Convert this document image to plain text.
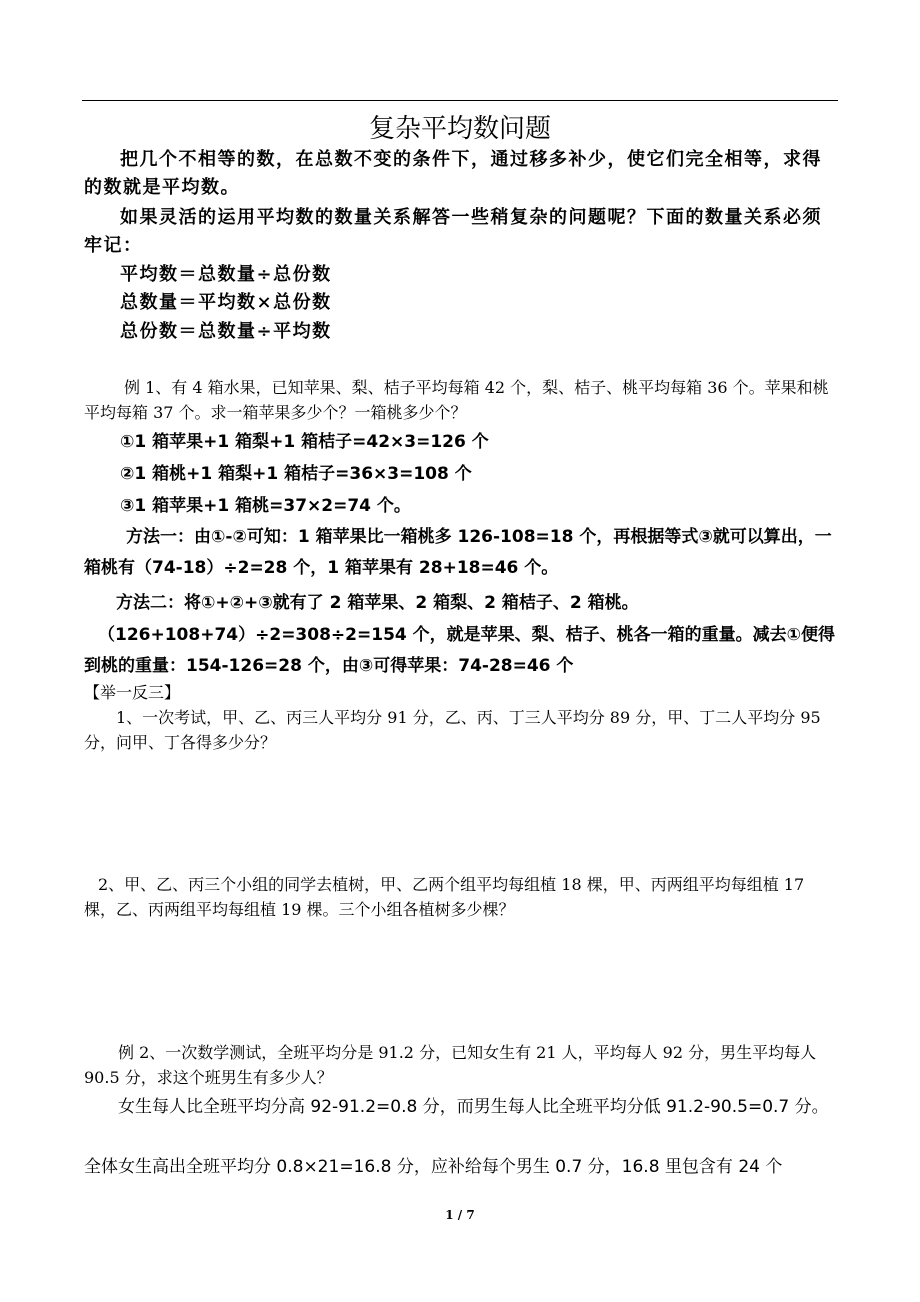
复杂平均数问题

把几个不相等的数，在总数不变的条件下，通过移多补少，使它们完全相等，求得的数就是平均数。

如果灵活的运用平均数的数量关系解答一些稍复杂的问题呢？下面的数量关系必须牢记：

平均数＝总数量÷总份数

总数量＝平均数×总份数

总份数＝总数量÷平均数

例 1、有 4 箱水果，已知苹果、梨、桔子平均每箱 42 个，梨、桔子、桃平均每箱 36 个。苹果和桃平均每箱 37 个。求一箱苹果多少个？一箱桃多少个？

①1 箱苹果+1 箱梨+1 箱桔子=42×3=126 个

②1 箱桃+1 箱梨+1 箱桔子=36×3=108 个

③1 箱苹果+1 箱桃=37×2=74 个。

方法一：由①-②可知：1 箱苹果比一箱桃多 126-108=18 个，再根据等式③就可以算出，一箱桃有（74-18）÷2=28 个，1 箱苹果有 28+18=46 个。

方法二：将①+②+③就有了 2 箱苹果、2 箱梨、2 箱桔子、2 箱桃。

（126+108+74）÷2=308÷2=154 个，就是苹果、梨、桔子、桃各一箱的重量。减去①便得到桃的重量：154-126=28 个，由③可得苹果：74-28=46 个

【举一反三】

1、一次考试，甲、乙、丙三人平均分 91 分，乙、丙、丁三人平均分 89 分，甲、丁二人平均分 95 分，问甲、丁各得多少分？

2、甲、乙、丙三个小组的同学去植树，甲、乙两个组平均每组植 18 棵，甲、丙两组平均每组植 17 棵，乙、丙两组平均每组植 19 棵。三个小组各植树多少棵？

例 2、一次数学测试，全班平均分是 91.2 分，已知女生有 21 人，平均每人 92 分，男生平均每人 90.5 分，求这个班男生有多少人？

女生每人比全班平均分高 92-91.2=0.8 分，而男生每人比全班平均分低 91.2-90.5=0.7 分。

全体女生高出全班平均分 0.8×21=16.8 分，应补给每个男生 0.7 分，16.8 里包含有 24 个

1 / 7
